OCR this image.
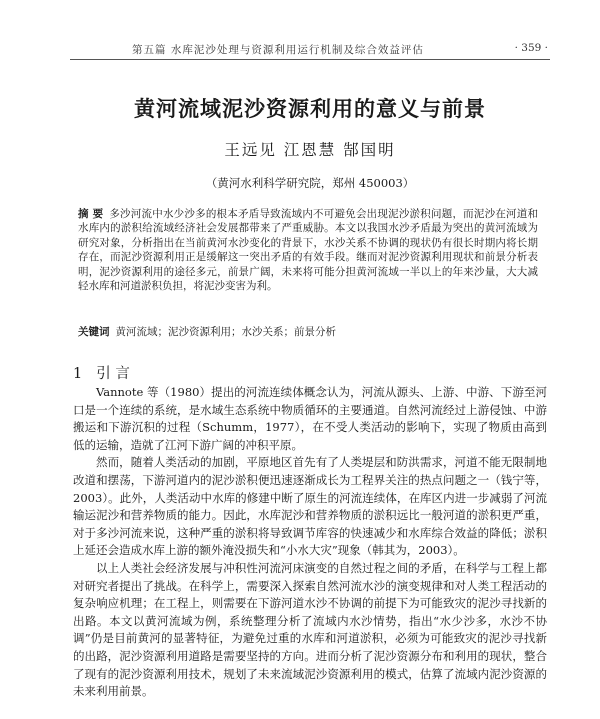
第五篇 水库泥沙处理与资源利用运行机制及综合效益评估	· 359 ·
黄河流域泥沙资源利用的意义与前景
王远见 江恩慧 郜国明
（黄河水利科学研究院，郑州 450003）
摘 要 多沙河流中水少沙多的根本矛盾导致流域内不可避免会出现泥沙淤积问题，而泥沙在河道和水库内的淤积给流域经济社会发展都带来了严重威胁。本文以我国水沙矛盾最为突出的黄河流域为研究对象，分析指出在当前黄河水沙变化的背景下，水沙关系不协调的现状仍有很长时期内将长期存在，而泥沙资源利用正是缓解这一突出矛盾的有效手段。继而对泥沙资源利用现状和前景分析表明，泥沙资源利用的途径多元，前景广阔，未来将可能分担黄河流域一半以上的年来沙量，大大减轻水库和河道淤积负担，将泥沙变害为利。
关键词 黄河流域；泥沙资源利用；水沙关系；前景分析
1 引 言

Vannote 等（1980）提出的河流连续体概念认为，河流从源头、上游、中游、下游至河口是一个连续的系统，是水域生态系统中物质循环的主要通道。自然河流经过上游侵蚀、中游搬运和下游沉积的过程（Schumm，1977），在不受人类活动的影响下，实现了物质由高到低的运输，造就了江河下游广阔的冲积平原。

然而，随着人类活动的加剧，平原地区首先有了人类堤层和防洪需求，河道不能无限制地改道和摆荡，下游河道内的泥沙淤积便迅速逐渐成长为工程界关注的热点问题之一（钱宁等，2003）。此外，人类活动中水库的修建中断了原生的河流连续体，在库区内进一步减弱了河流输运泥沙和营养物质的能力。因此，水库泥沙和营养物质的淤积远比一般河道的淤积更严重，对于多沙河流来说，这种严重的淤积将导致调节库容的快速减少和水库综合效益的降低；淤积上延还会造成水库上游的额外淹没损失和“小水大灾”现象（韩其为，2003）。

以上人类社会经济发展与冲积性河流河床演变的自然过程之间的矛盾，在科学与工程上都对研究者提出了挑战。在科学上，需要深入探索自然河流水沙的演变规律和对人类工程活动的复杂响应机理；在工程上，则需要在下游河道水沙不协调的前提下为可能致灾的泥沙寻找新的出路。本文以黄河流域为例，系统整理分析了流域内水沙情势，指出“水少沙多，水沙不协调”仍是目前黄河的显著特征，为避免过重的水库和河道淤积，必须为可能致灾的泥沙寻找新的出路，泥沙资源利用道路是需要坚持的方向。进而分析了泥沙资源分布和利用的现状，整合了现有的泥沙资源利用技术，规划了未来流域泥沙资源利用的模式，估算了流域内泥沙资源的未来利用前景。
